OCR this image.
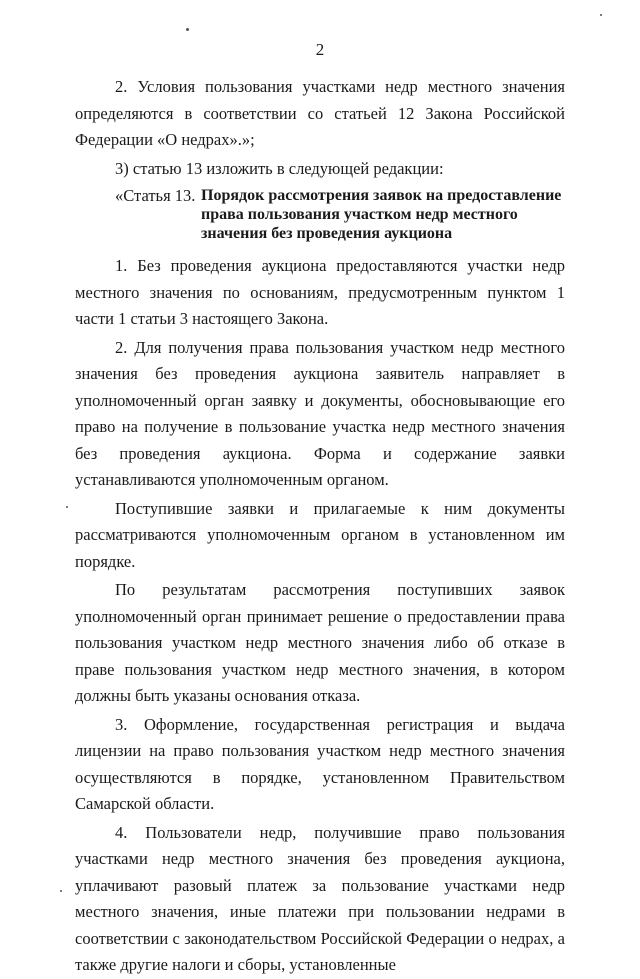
2

2. Условия пользования участками недр местного значения определяются в соответствии со статьей 12 Закона Российской Федерации «О недрах».»;

3) статью 13 изложить в следующей редакции:

«Статья 13. Порядок рассмотрения заявок на предоставление права пользования участком недр местного значения без проведения аукциона

1. Без проведения аукциона предоставляются участки недр местного значения по основаниям, предусмотренным пунктом 1 части 1 статьи 3 настоящего Закона.

2. Для получения права пользования участком недр местного значения без проведения аукциона заявитель направляет в уполномоченный орган заявку и документы, обосновывающие его право на получение в пользование участка недр местного значения без проведения аукциона. Форма и содержание заявки устанавливаются уполномоченным органом.

Поступившие заявки и прилагаемые к ним документы рассматриваются уполномоченным органом в установленном им порядке.

По результатам рассмотрения поступивших заявок уполномоченный орган принимает решение о предоставлении права пользования участком недр местного значения либо об отказе в праве пользования участком недр местного значения, в котором должны быть указаны основания отказа.

3. Оформление, государственная регистрация и выдача лицензии на право пользования участком недр местного значения осуществляются в порядке, установленном Правительством Самарской области.

4. Пользователи недр, получившие право пользования участками недр местного значения без проведения аукциона, уплачивают разовый платеж за пользование участками недр местного значения, иные платежи при пользовании недрами в соответствии с законодательством Российской Федерации о недрах, а также другие налоги и сборы, установленные
